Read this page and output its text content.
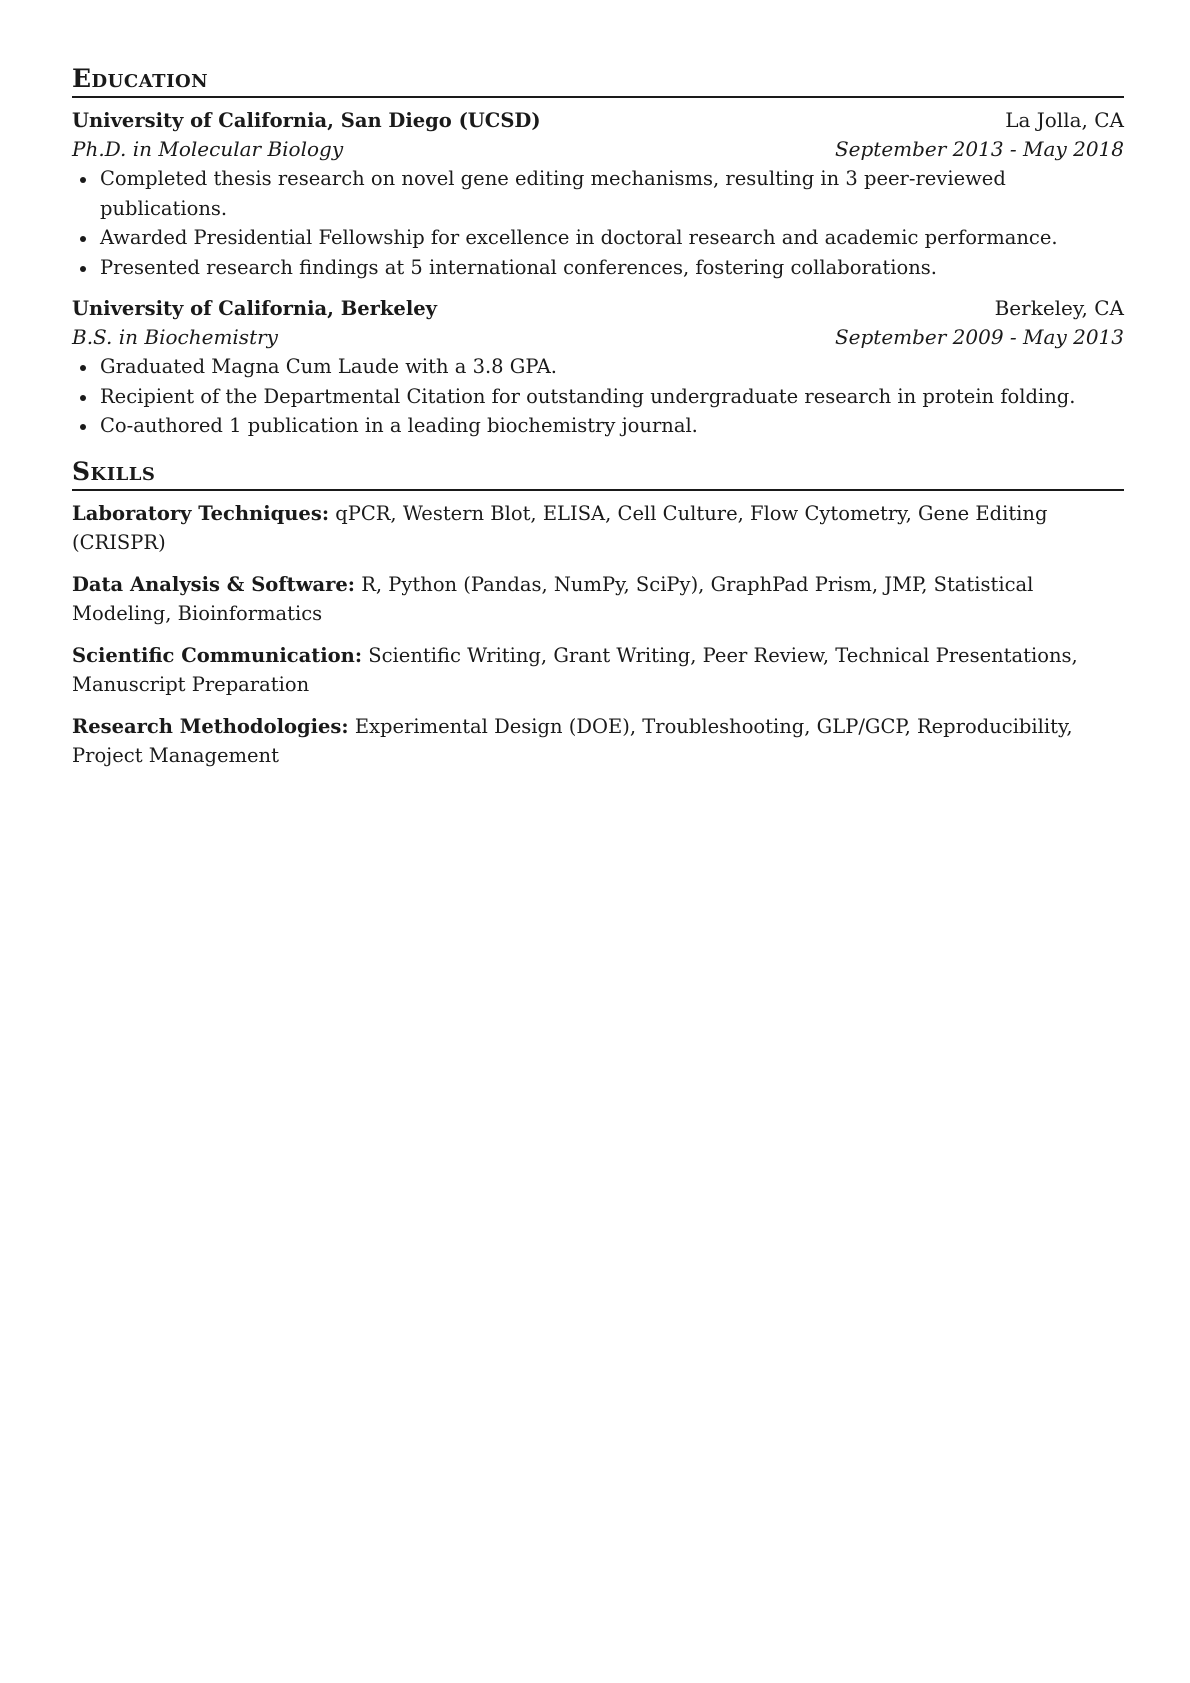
Education
University of California, San Diego (UCSD)	La Jolla, CA
Ph.D. in Molecular Biology	September 2013 - May 2018
Completed thesis research on novel gene editing mechanisms, resulting in 3 peer-reviewed publications.
Awarded Presidential Fellowship for excellence in doctoral research and academic performance.
Presented research findings at 5 international conferences, fostering collaborations.
University of California, Berkeley	Berkeley, CA
B.S. in Biochemistry	September 2009 - May 2013
Graduated Magna Cum Laude with a 3.8 GPA.
Recipient of the Departmental Citation for outstanding undergraduate research in protein folding.
Co-authored 1 publication in a leading biochemistry journal.
Skills
Laboratory Techniques: qPCR, Western Blot, ELISA, Cell Culture, Flow Cytometry, Gene Editing (CRISPR)
Data Analysis & Software: R, Python (Pandas, NumPy, SciPy), GraphPad Prism, JMP, Statistical Modeling, Bioinformatics
Scientific Communication: Scientific Writing, Grant Writing, Peer Review, Technical Presentations, Manuscript Preparation
Research Methodologies: Experimental Design (DOE), Troubleshooting, GLP/GCP, Reproducibility, Project Management
